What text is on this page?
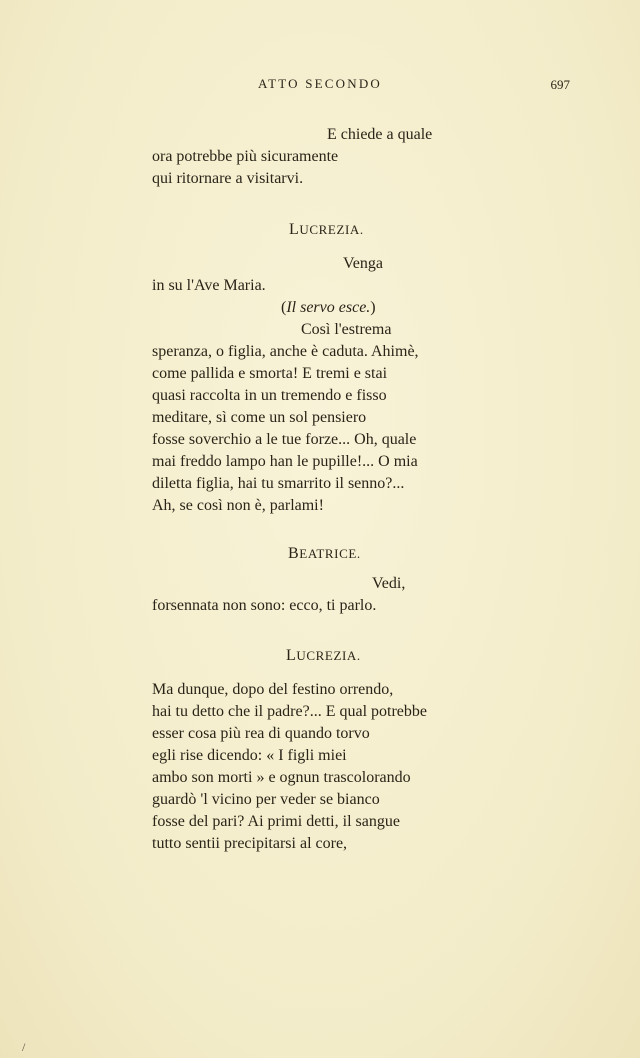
ATTO SECONDO	697
E chiede a quale
ora potrebbe più sicuramente
qui ritornare a visitarvi.
LUCREZIA.
Venga
in su l'Ave Maria.
(Il servo esce.)
Così l'estrema
speranza, o figlia, anche è caduta. Ahimè,
come pallida e smorta! E tremi e stai
quasi raccolta in un tremendo e fisso
meditare, sì come un sol pensiero
fosse soverchio a le tue forze... Oh, quale
mai freddo lampo han le pupille!... O mia
diletta figlia, hai tu smarrito il senno?...
Ah, se così non è, parlami!
BEATRICE.
Vedi,
forsennata non sono: ecco, ti parlo.
LUCREZIA.
Ma dunque, dopo del festino orrendo,
hai tu detto che il padre?... E qual potrebbe
esser cosa più rea di quando torvo
egli rise dicendo: « I figli miei
ambo son morti » e ognun trascolorando
guardò 'l vicino per veder se bianco
fosse del pari? Ai primi detti, il sangue
tutto sentii precipitarsi al core,
/
